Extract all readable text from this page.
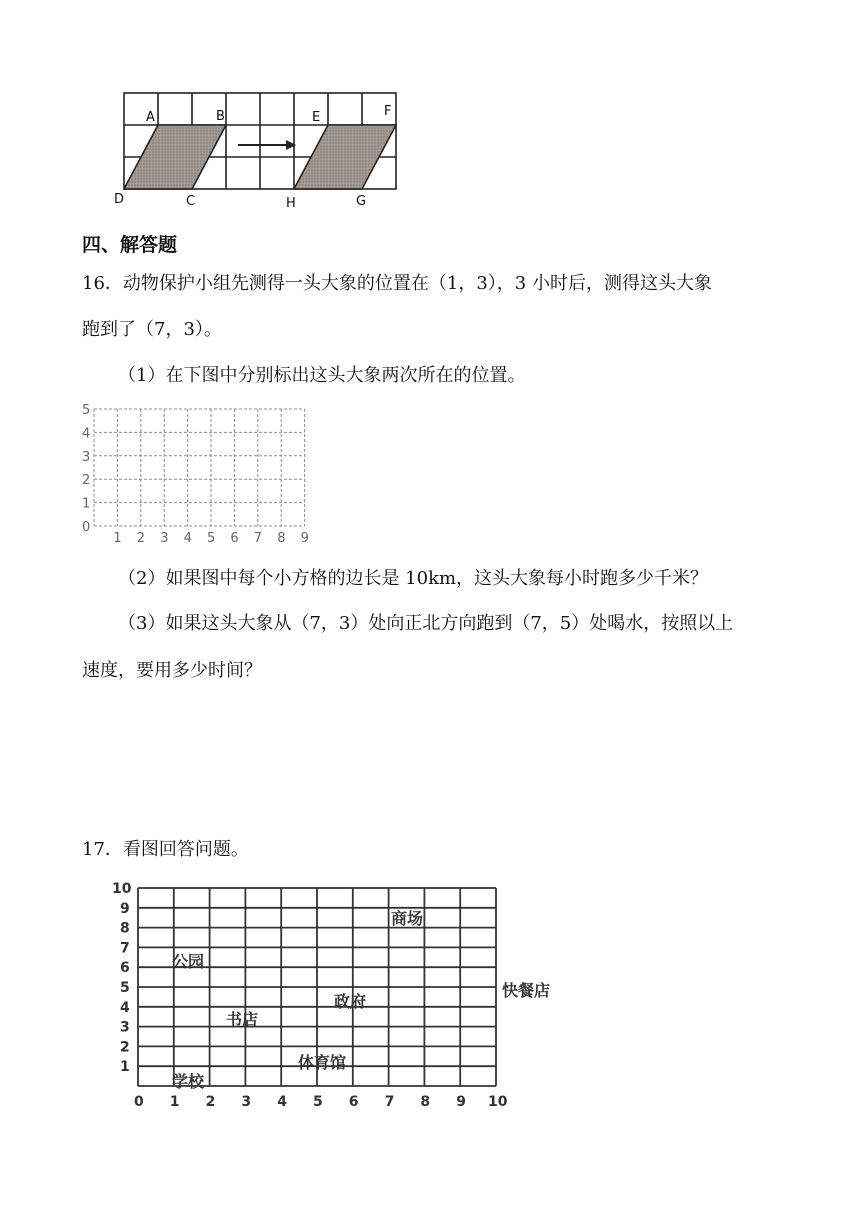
A	B	E	F
D	C	H	G
四、解答题
16．动物保护小组先测得一头大象的位置在（1，3），3 小时后，测得这头大象
跑到了（7，3）。
（1）在下图中分别标出这头大象两次所在的位置。
1 2 3 4 5 6 7 8 9
0
1
2
3
4
5
（2）如果图中每个小方格的边长是 10km，这头大象每小时跑多少千米？
（3）如果这头大象从（7，3）处向正北方向跑到（7，5）处喝水，按照以上
速度，要用多少时间？
17．看图回答问题。
0 1 2 3 4 5 6 7 8 9 10
1
2
3
4
5
6
7
8
9
10
商场
公园
快餐店
政府
书店
体育馆
学校
